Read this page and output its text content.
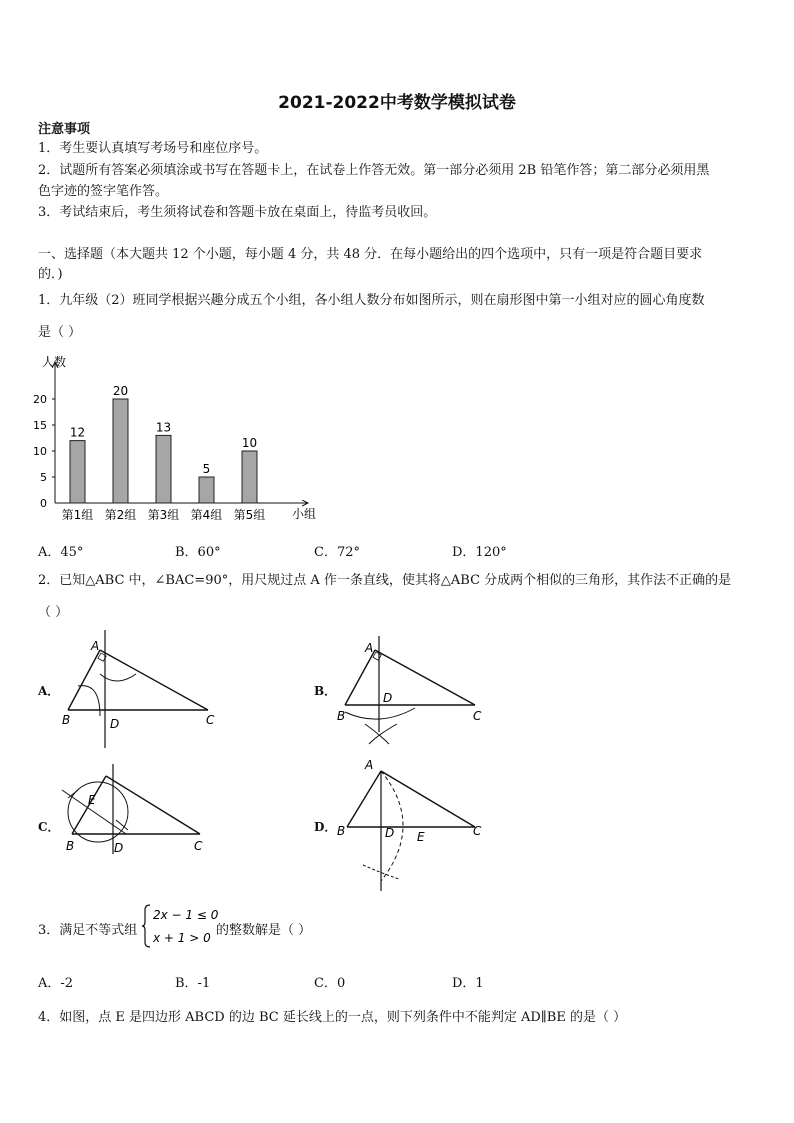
2021-2022中考数学模拟试卷
注意事项
1．考生要认真填写考场号和座位序号。
2．试题所有答案必须填涂或书写在答题卡上，在试卷上作答无效。第一部分必须用 2B 铅笔作答；第二部分必须用黑
色字迹的签字笔作答。
3．考试结束后，考生须将试卷和答题卡放在桌面上，待监考员收回。
一、选择题（本大题共 12 个小题，每小题 4 分，共 48 分．在每小题给出的四个选项中，只有一项是符合题目要求
的．)
1．九年级（2）班同学根据兴趣分成五个小组，各小组人数分布如图所示，则在扇形图中第一小组对应的圆心角度数
是（ ）
人数
小组
0
5
10
15
20
12
第1组
20
第2组
13
第3组
5
第4组
10
第5组
A．45°	B．60°	C．72°	D．120°
2．已知△ABC 中，∠BAC=90°，用尺规过点 A 作一条直线，使其将△ABC 分成两个相似的三角形，其作法不正确的是
（ ）
A．
A
B	D	C
B．
A
B
D
C
C．
E
B	D	C
D．
A
B	D E	C
3．满足不等式组
2x − 1 ≤ 0
x + 1 > 0 的整数解是（ ）
A．-2	B．-1	C．0	D．1
4．如图，点 E 是四边形 ABCD 的边 BC 延长线上的一点，则下列条件中不能判定 AD∥BE 的是（ ）
